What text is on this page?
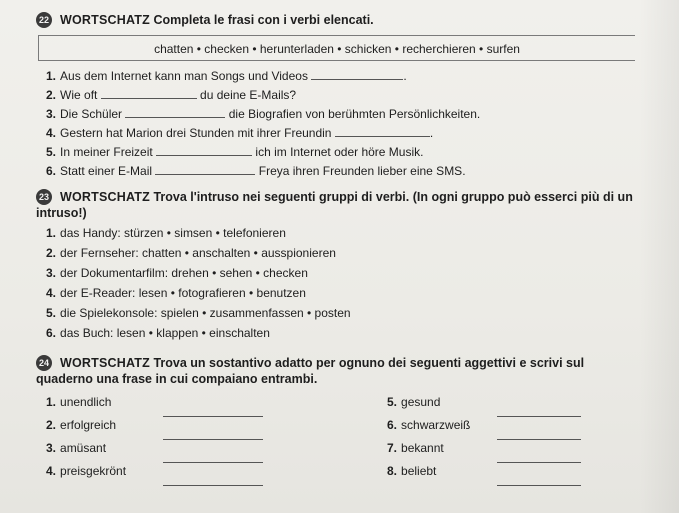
22 WORTSCHATZ Completa le frasi con i verbi elencati.
chatten • checken • herunterladen • schicken • recherchieren • surfen
1. Aus dem Internet kann man Songs und Videos	.
2. Wie oft	du deine E-Mails?
3. Die Schüler	die Biografien von berühmten Persönlichkeiten.
4. Gestern hat Marion drei Stunden mit ihrer Freundin	.
5. In meiner Freizeit	ich im Internet oder höre Musik.
6. Statt einer E-Mail	Freya ihren Freunden lieber eine SMS.
23 WORTSCHATZ Trova l'intruso nei seguenti gruppi di verbi. (In ogni gruppo può esserci più di un
intruso!)
1. das Handy: stürzen • simsen • telefonieren
2. der Fernseher: chatten • anschalten • ausspionieren
3. der Dokumentarfilm: drehen • sehen • checken
4. der E-Reader: lesen • fotografieren • benutzen
5. die Spielekonsole: spielen • zusammenfassen • posten
6. das Buch: lesen • klappen • einschalten
24 WORTSCHATZ Trova un sostantivo adatto per ognuno dei seguenti aggettivi e scrivi sul
quaderno una frase in cui compaiano entrambi.
1. unendlich
2. erfolgreich
3. amüsant
4. preisgekrönt
5. gesund
6. schwarzweiß
7. bekannt
8. beliebt
